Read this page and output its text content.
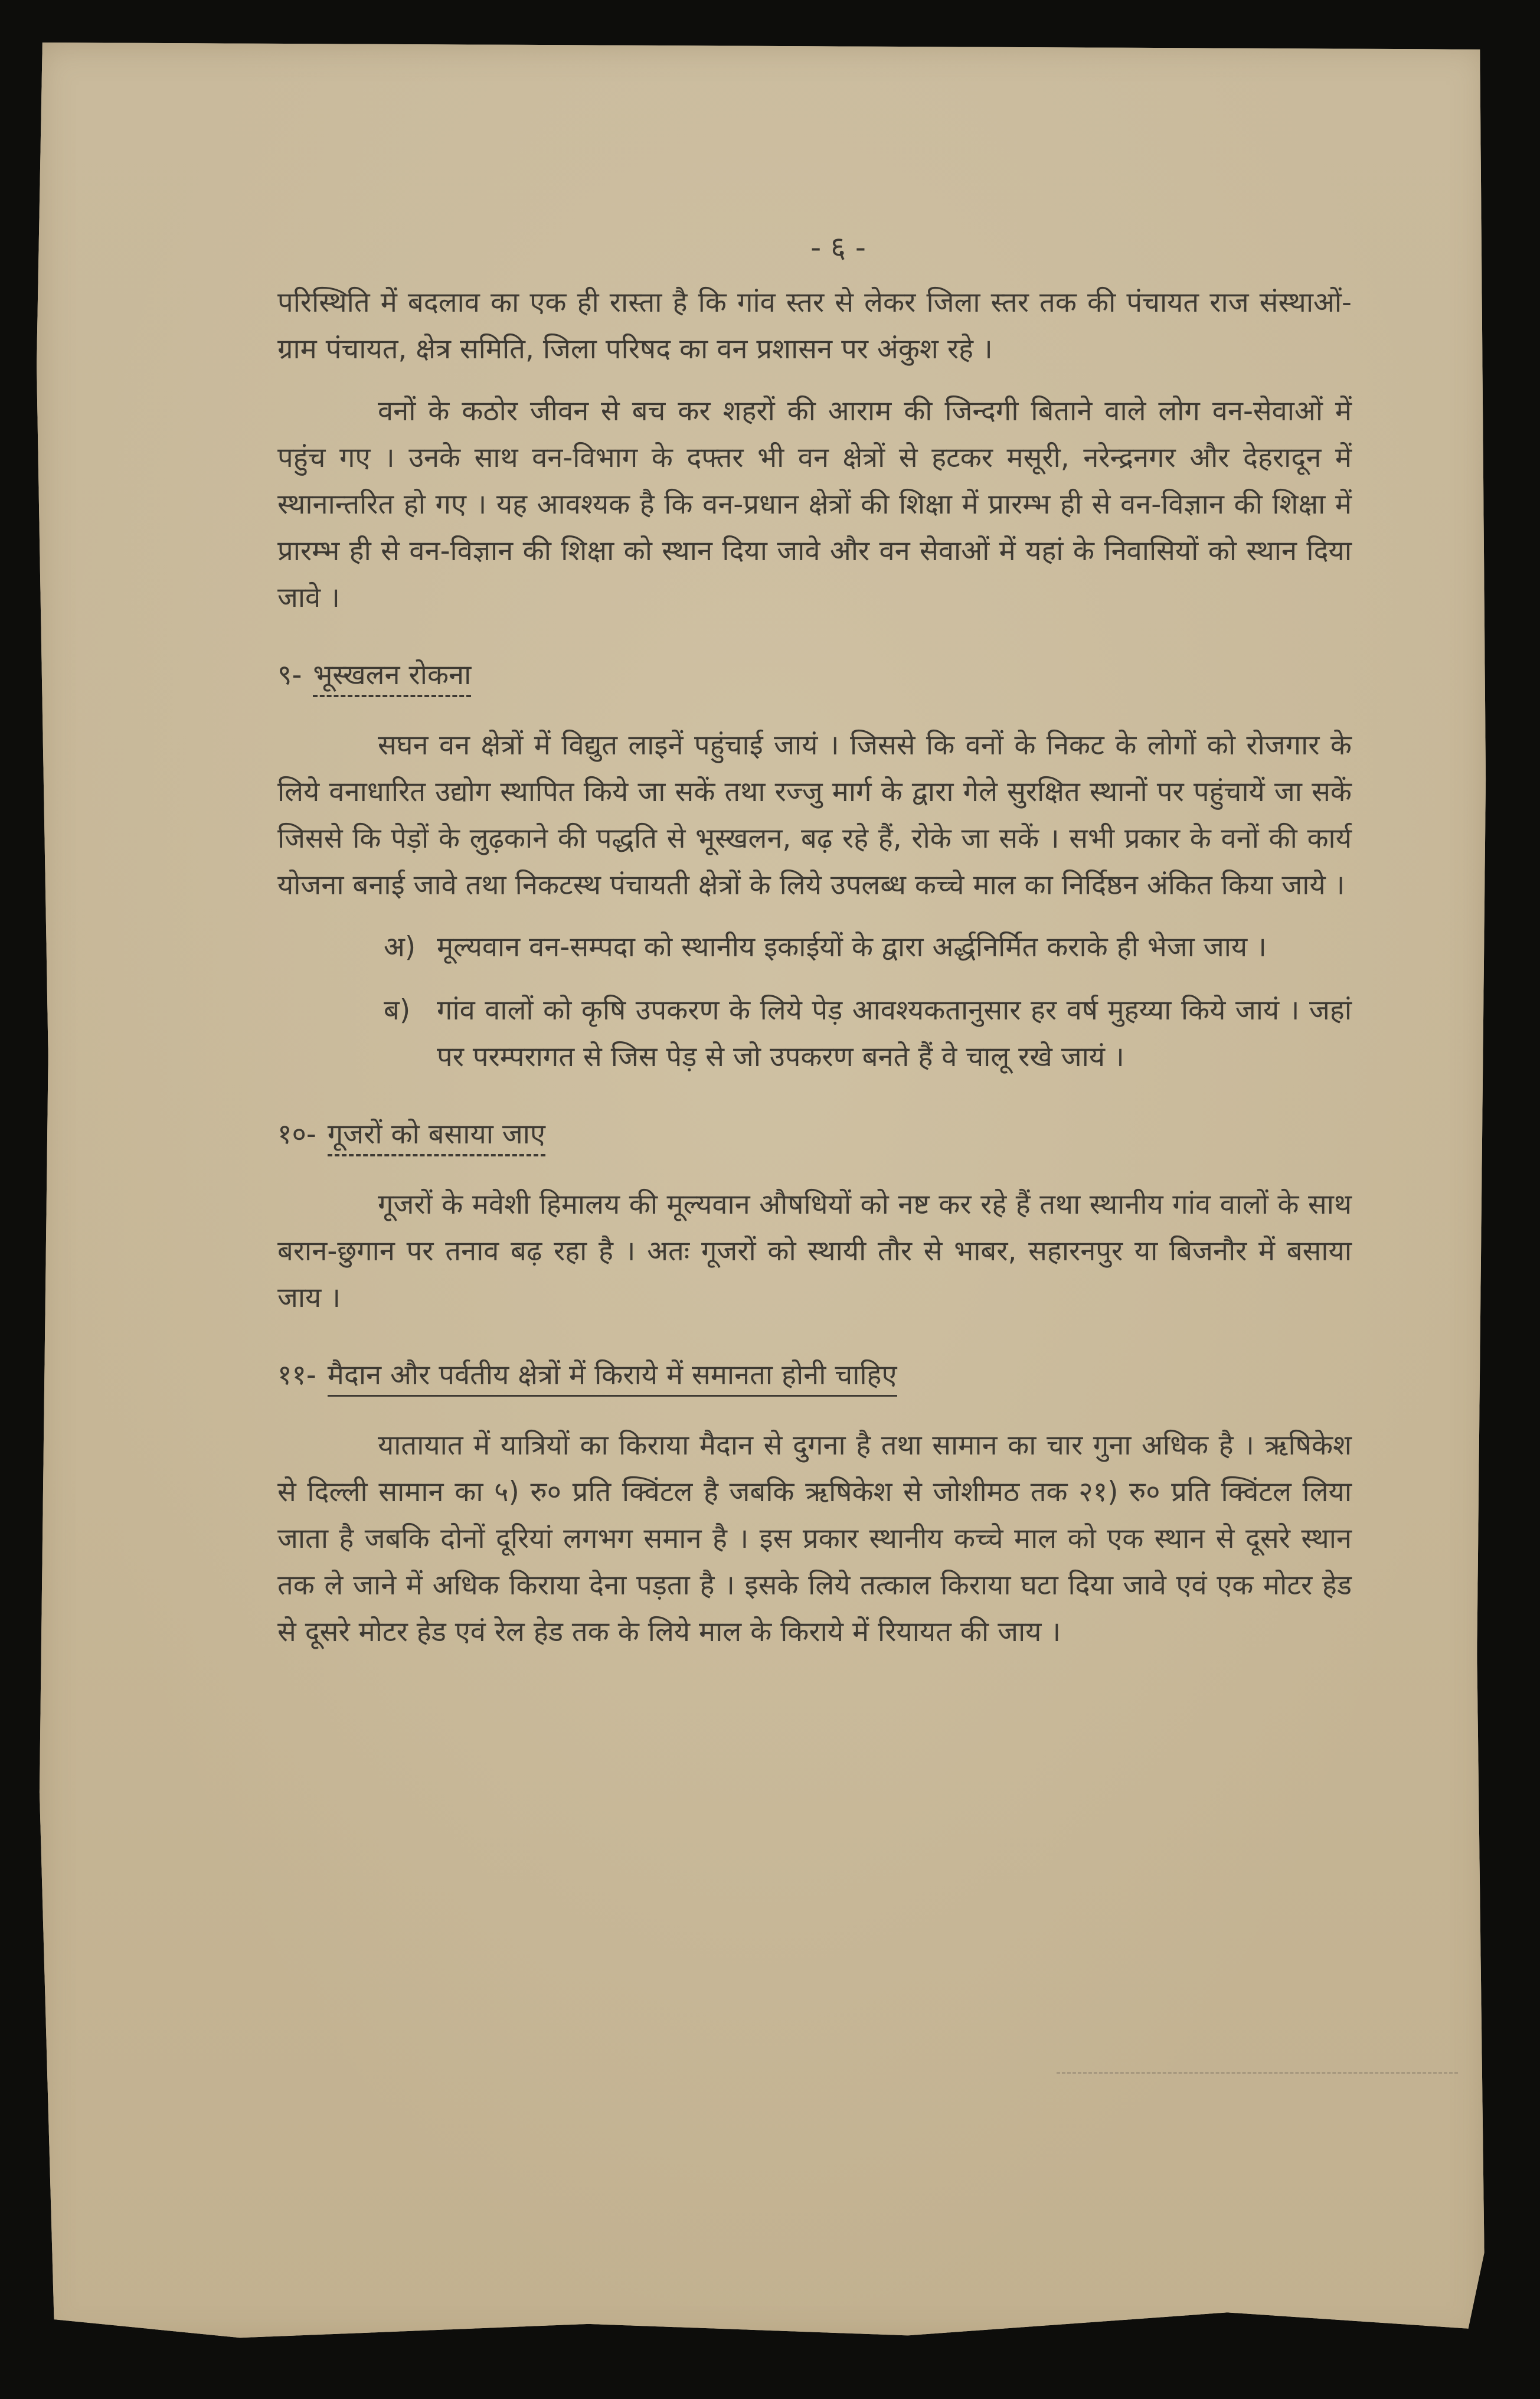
- ६ -

परिस्थिति में बदलाव का एक ही रास्ता है कि गांव स्तर से लेकर जिला स्तर तक की पंचायत राज संस्थाओं-ग्राम पंचायत, क्षेत्र समिति, जिला परिषद का वन प्रशासन पर अंकुश रहे ।

वनों के कठोर जीवन से बच कर शहरों की आराम की जिन्दगी बिताने वाले लोग वन-सेवाओं में पहुंच गए । उनके साथ वन-विभाग के दफ्तर भी वन क्षेत्रों से हटकर मसूरी, नरेन्द्रनगर और देहरादून में स्थानान्तरित हो गए । यह आवश्यक है कि वन-प्रधान क्षेत्रों की शिक्षा में प्रारम्भ ही से वन-विज्ञान की शिक्षा में प्रारम्भ ही से वन-विज्ञान की शिक्षा को स्थान दिया जावे और वन सेवाओं में यहां के निवासियों को स्थान दिया जावे ।

९- भूस्खलन रोकना

सघन वन क्षेत्रों में विद्युत लाइनें पहुंचाई जायं । जिससे कि वनों के निकट के लोगों को रोजगार के लिये वनाधारित उद्योग स्थापित किये जा सकें तथा रज्जु मार्ग के द्वारा गेले सुरक्षित स्थानों पर पहुंचायें जा सकें जिससे कि पेड़ों के लुढ़काने की पद्धति से भूस्खलन, बढ़ रहे हैं, रोके जा सकें । सभी प्रकार के वनों की कार्य योजना बनाई जावे तथा निकटस्थ पंचायती क्षेत्रों के लिये उपलब्ध कच्चे माल का निर्दिष्ठन अंकित किया जाये ।

अ) मूल्यवान वन-सम्पदा को स्थानीय इकाईयों के द्वारा अर्द्धनिर्मित कराके ही भेजा जाय ।
ब) गांव वालों को कृषि उपकरण के लिये पेड़ आवश्यकतानुसार हर वर्ष मुहय्या किये जायं । जहां पर परम्परागत से जिस पेड़ से जो उपकरण बनते हैं वे चालू रखे जायं ।
१०- गूजरों को बसाया जाए

गूजरों के मवेशी हिमालय की मूल्यवान औषधियों को नष्ट कर रहे हैं तथा स्थानीय गांव वालों के साथ बरान-छुगान पर तनाव बढ़ रहा है । अतः गूजरों को स्थायी तौर से भाबर, सहारनपुर या बिजनौर में बसाया जाय ।

११- मैदान और पर्वतीय क्षेत्रों में किराये में समानता होनी चाहिए

यातायात में यात्रियों का किराया मैदान से दुगना है तथा सामान का चार गुना अधिक है । ऋषिकेश से दिल्ली सामान का ५) रु० प्रति क्विंटल है जबकि ऋषिकेश से जोशीमठ तक २१) रु० प्रति क्विंटल लिया जाता है जबकि दोनों दूरियां लगभग समान है । इस प्रकार स्थानीय कच्चे माल को एक स्थान से दूसरे स्थान तक ले जाने में अधिक किराया देना पड़ता है । इसके लिये तत्काल किराया घटा दिया जावे एवं एक मोटर हेड से दूसरे मोटर हेड एवं रेल हेड तक के लिये माल के किराये में रियायत की जाय ।
